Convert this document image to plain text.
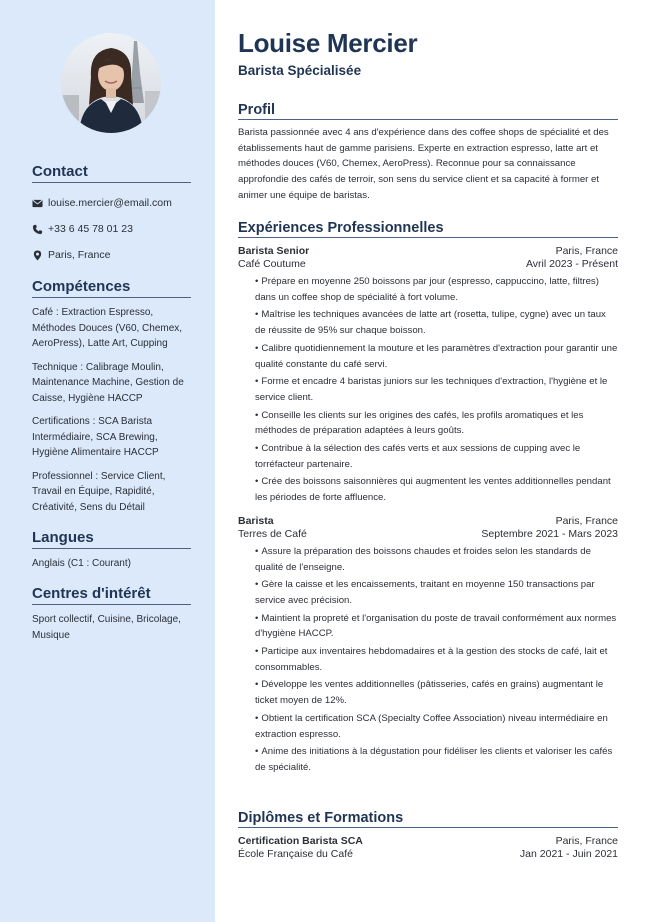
Contact
louise.mercier@email.com
+33 6 45 78 01 23
Paris, France
Compétences
Café : Extraction Espresso, Méthodes Douces (V60, Chemex, AeroPress), Latte Art, Cupping
Technique : Calibrage Moulin, Maintenance Machine, Gestion de Caisse, Hygiène HACCP
Certifications : SCA Barista Intermédiaire, SCA Brewing, Hygiène Alimentaire HACCP
Professionnel : Service Client, Travail en Équipe, Rapidité, Créativité, Sens du Détail
Langues
Anglais (C1 : Courant)
Centres d'intérêt
Sport collectif, Cuisine, Bricolage, Musique
Louise Mercier
Barista Spécialisée
Profil
Barista passionnée avec 4 ans d'expérience dans des coffee shops de spécialité et des établissements haut de gamme parisiens. Experte en extraction espresso, latte art et méthodes douces (V60, Chemex, AeroPress). Reconnue pour sa connaissance approfondie des cafés de terroir, son sens du service client et sa capacité à former et animer une équipe de baristas.
Expériences Professionnelles
Barista Senior	Paris, France
Café Coutume	Avril 2023 - Présent
• Prépare en moyenne 250 boissons par jour (espresso, cappuccino, latte, filtres) dans un coffee shop de spécialité à fort volume.
• Maîtrise les techniques avancées de latte art (rosetta, tulipe, cygne) avec un taux de réussite de 95% sur chaque boisson.
• Calibre quotidiennement la mouture et les paramètres d'extraction pour garantir une qualité constante du café servi.
• Forme et encadre 4 baristas juniors sur les techniques d'extraction, l'hygiène et le service client.
• Conseille les clients sur les origines des cafés, les profils aromatiques et les méthodes de préparation adaptées à leurs goûts.
• Contribue à la sélection des cafés verts et aux sessions de cupping avec le torréfacteur partenaire.
• Crée des boissons saisonnières qui augmentent les ventes additionnelles pendant les périodes de forte affluence.
Barista	Paris, France
Terres de Café	Septembre 2021 - Mars 2023
• Assure la préparation des boissons chaudes et froides selon les standards de qualité de l'enseigne.
• Gère la caisse et les encaissements, traitant en moyenne 150 transactions par service avec précision.
• Maintient la propreté et l'organisation du poste de travail conformément aux normes d'hygiène HACCP.
• Participe aux inventaires hebdomadaires et à la gestion des stocks de café, lait et consommables.
• Développe les ventes additionnelles (pâtisseries, cafés en grains) augmentant le ticket moyen de 12%.
• Obtient la certification SCA (Specialty Coffee Association) niveau intermédiaire en extraction espresso.
• Anime des initiations à la dégustation pour fidéliser les clients et valoriser les cafés de spécialité.
Diplômes et Formations
Certification Barista SCA	Paris, France
École Française du Café	Jan 2021 - Juin 2021
